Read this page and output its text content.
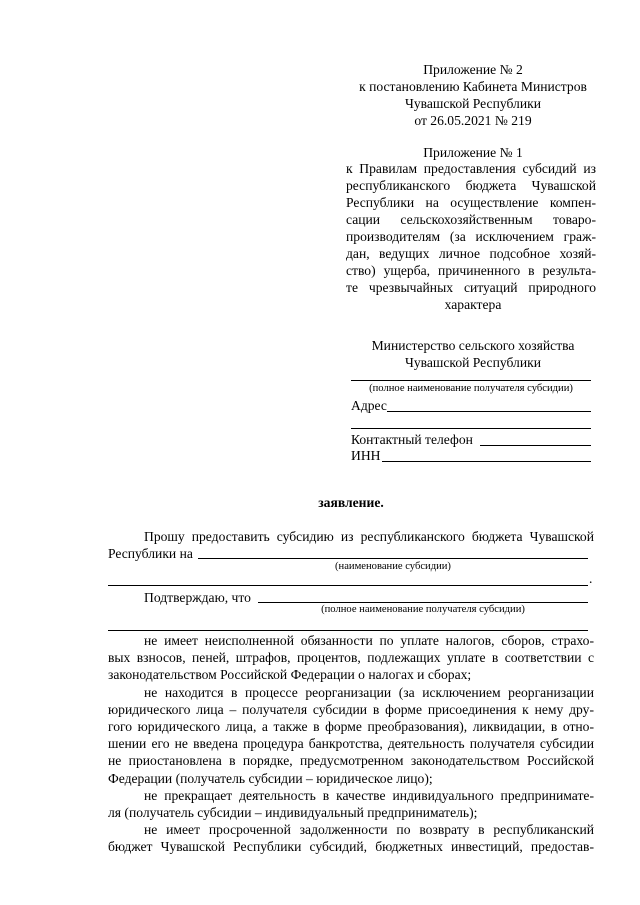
Приложение № 2
к постановлению Кабинета Министров
Чувашской Республики
от 26.05.2021 № 219
Приложение № 1
к Правилам предоставления субсидий из
республиканского бюджета Чувашской
Республики на осуществление компен-
сации сельскохозяйственным товаро-
производителям (за исключением граж-
дан, ведущих личное подсобное хозяй-
ство) ущерба, причиненного в результа-
те чрезвычайных ситуаций природного
характера
Министерство сельского хозяйства
Чувашской Республики
(полное наименование получателя субсидии)
Адрес
Контактный телефон
ИНН
заявление.
Прошу предоставить субсидию из республиканского бюджета Чувашской
Республики на
(наименование субсидии)
.
Подтверждаю, что
(полное наименование получателя субсидии)
не имеет неисполненной обязанности по уплате налогов, сборов, страхо-
вых взносов, пеней, штрафов, процентов, подлежащих уплате в соответствии с
законодательством Российской Федерации о налогах и сборах;
не находится в процессе реорганизации (за исключением реорганизации
юридического лица – получателя субсидии в форме присоединения к нему дру-
гого юридического лица, а также в форме преобразования), ликвидации, в отно-
шении его не введена процедура банкротства, деятельность получателя субсидии
не приостановлена в порядке, предусмотренном законодательством Российской
Федерации (получатель субсидии – юридическое лицо);
не прекращает деятельность в качестве индивидуального предпринимате-
ля (получатель субсидии – индивидуальный предприниматель);
не имеет просроченной задолженности по возврату в республиканский
бюджет Чувашской Республики субсидий, бюджетных инвестиций, предостав-
